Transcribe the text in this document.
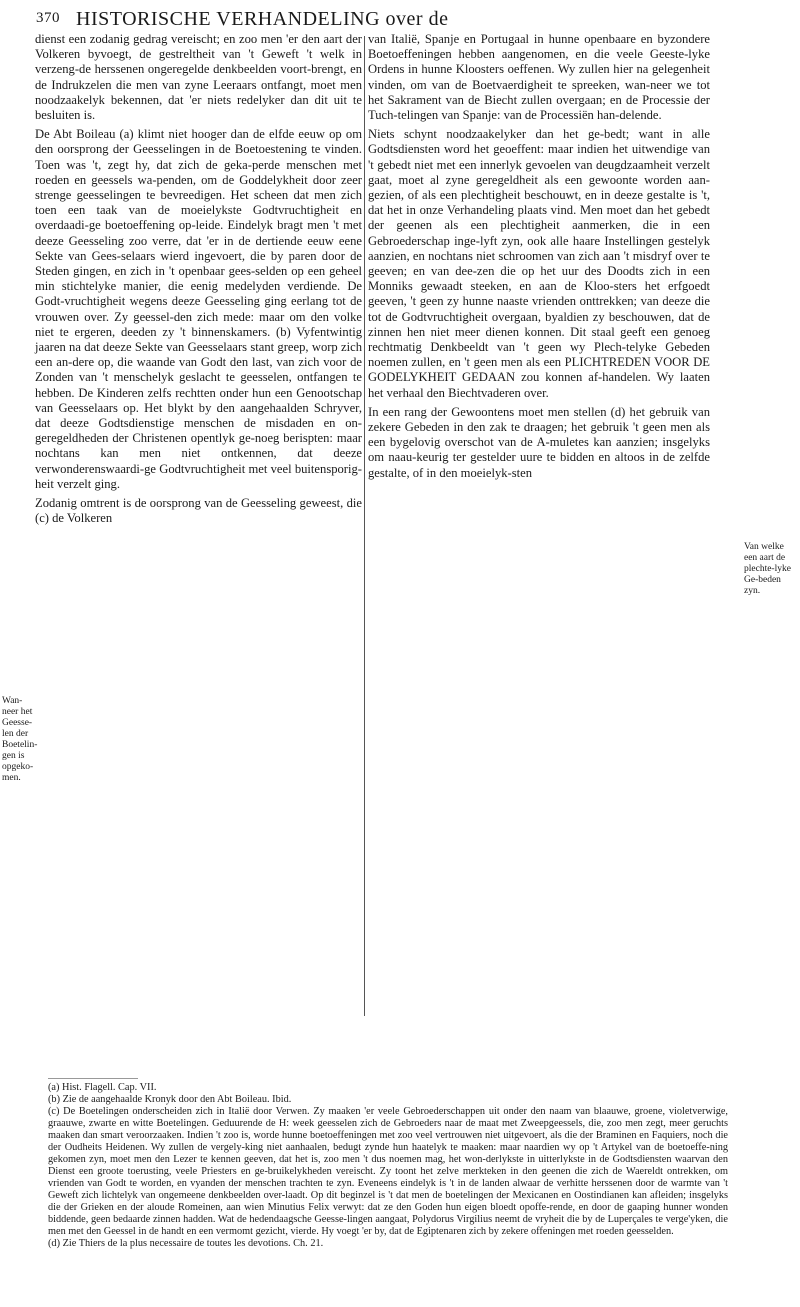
370 HISTORISCHE VERHANDELING over de
Wan-neer het Geesse-len der Boetelin-gen is opgeko-men.
Van welke een aart de plechte-lyke Ge-beden zyn.

dienst een zodanig gedrag vereischt; en zoo men 'er den aart der Volkeren byvoegt, de gestreltheit van 't Geweft 't welk in verzeng-de herssenen ongeregelde denkbeelden voort-brengt, en de Indrukzelen die men van zyne Leeraars ontfangt, moet men noodzaakelyk bekennen, dat 'er niets redelyker dan dit uit te besluiten is.

De Abt Boileau (a) klimt niet hooger dan de elfde eeuw op om den oorsprong der Geesselingen in de Boetoestening te vinden. Toen was 't, zegt hy, dat zich de geka-perde menschen met roeden en geessels wa-penden, om de Goddelykheit door zeer strenge geesselingen te bevreedigen. Het scheen dat men zich toen een taak van de moeielykste Godtvruchtigheit en overdaadi-ge boetoeffening op-leide. Eindelyk bragt men 't met deeze Geesseling zoo verre, dat 'er in de dertiende eeuw eene Sekte van Gees-selaars wierd ingevoert, die by paren door de Steden gingen, en zich in 't openbaar gees-selden op een geheel min stichtelyke manier, die eenig medelyden verdiende. De Godt-vruchtigheit wegens deeze Geesseling ging eerlang tot de vrouwen over. Zy geessel-den zich mede: maar om den volke niet te ergeren, deeden zy 't binnenskamers. (b) Vyfentwintig jaaren na dat deeze Sekte van Geesselaars stant greep, worp zich een an-dere op, die waande van Godt den last, van zich voor de Zonden van 't menschelyk geslacht te geesselen, ontfangen te hebben. De Kinderen zelfs rechtten onder hun een Genootschap van Geesselaars op. Het blykt by den aangehaalden Schryver, dat deeze Godtsdienstige menschen de misdaden en on-geregeldheden der Christenen opentlyk ge-noeg berispten: maar nochtans kan men niet ontkennen, dat deeze verwonderenswaardi-ge Godtvruchtigheit met veel buitensporig-heit verzelt ging.

Zodanig omtrent is de oorsprong van de Geesseling geweest, die (c) de Volkeren

van Italië, Spanje en Portugaal in hunne openbaare en byzondere Boetoeffeningen hebben aangenomen, en die veele Geeste-lyke Ordens in hunne Kloosters oeffenen. Wy zullen hier na gelegenheit vinden, om van de Boetvaerdigheit te spreeken, wan-neer we tot het Sakrament van de Biecht zullen overgaan; en de Processie der Tuch-telingen van Spanje: van de Processiën han-delende.

Niets schynt noodzaakelyker dan het ge-bedt; want in alle Godtsdiensten word het geoeffent: maar indien het uitwendige van 't gebedt niet met een innerlyk gevoelen van deugdzaamheit verzelt gaat, moet al zyne geregeldheit als een gewoonte worden aan-gezien, of als een plechtigheit beschouwt, en in deeze gestalte is 't, dat het in onze Verhandeling plaats vind. Men moet dan het gebedt der geenen als een plechtigheit aanmerken, die in een Gebroederschap inge-lyft zyn, ook alle haare Instellingen gestelyk aanzien, en nochtans niet schroomen van zich aan 't misdryf over te geeven; en van dee-zen die op het uur des Doodts zich in een Monniks gewaadt steeken, en aan de Kloo-sters het erfgoedt geeven, 't geen zy hunne naaste vrienden onttrekken; van deeze die tot de Godtvruchtigheit overgaan, byaldien zy beschouwen, dat de zinnen hen niet meer dienen konnen. Dit staal geeft een genoeg rechtmatig Denkbeeldt van 't geen wy Plech-telyke Gebeden noemen zullen, en 't geen men als een PLICHTREDEN VOOR DE GODELYKHEIT GEDAAN zou konnen af-handelen. Wy laaten het verhaal den Biechtvaderen over.

In een rang der Gewoontens moet men stellen (d) het gebruik van zekere Gebeden in den zak te draagen; het gebruik 't geen men als een bygelovig overschot van de A-muletes kan aanzien; insgelyks om naau-keurig ter gestelder uure te bidden en altoos in de zelfde gestalte, of in den moeielyk-sten

(a) Hist. Flagell. Cap. VII.

(b) Zie de aangehaalde Kronyk door den Abt Boileau. Ibid.

(c) De Boetelingen onderscheiden zich in Italië door Verwen. Zy maaken 'er veele Gebroederschappen uit onder den naam van blaauwe, groene, violetverwige, graauwe, zwarte en witte Boetelingen. Geduurende de H: week geesselen zich de Gebroeders naar de maat met Zweepgeessels, die, zoo men zegt, meer geruchts maaken dan smart veroorzaaken. Indien 't zoo is, worde hunne boetoeffeningen met zoo veel vertrouwen niet uitgevoert, als die der Braminen en Faquiers, noch die der Oudheits Heidenen. Wy zullen de vergely-king niet aanhaalen, bedugt zynde hun haatelyk te maaken: maar naardien wy op 't Artykel van de boetoeffe-ning gekomen zyn, moet men den Lezer te kennen geeven, dat het is, zoo men 't dus noemen mag, het won-derlykste in uitterlykste in de Godtsdiensten waarvan den Dienst een groote toerusting, veele Priesters en ge-bruikelykheden vereischt. Zy toont het zelve merkteken in den geenen die zich de Waereldt ontrekken, om vrienden van Godt te worden, en vyanden der menschen trachten te zyn. Eveneens eindelyk is 't in de landen alwaar de verhitte herssenen door de warmte van 't Geweft zich lichtelyk van ongemeene denkbeelden over-laadt. Op dit beginzel is 't dat men de boetelingen der Mexicanen en Oostindianen kan afleiden; insgelyks die der Grieken en der aloude Romeinen, aan wien Minutius Felix verwyt: dat ze den Goden hun eigen bloedt opoffe-rende, en door de gaaping hunner wonden biddende, geen bedaarde zinnen hadden. Wat de hedendaagsche Geesse-lingen aangaat, Polydorus Virgilius neemt de vryheit die by de Luperçales te verge'yken, die men met den Geessel in de handt en een vermomt gezicht, vierde. Hy voegt 'er by, dat de Egiptenaren zich by zekere offeningen met roeden geesselden.

(d) Zie Thiers de la plus necessaire de toutes les devotions. Ch. 21.
